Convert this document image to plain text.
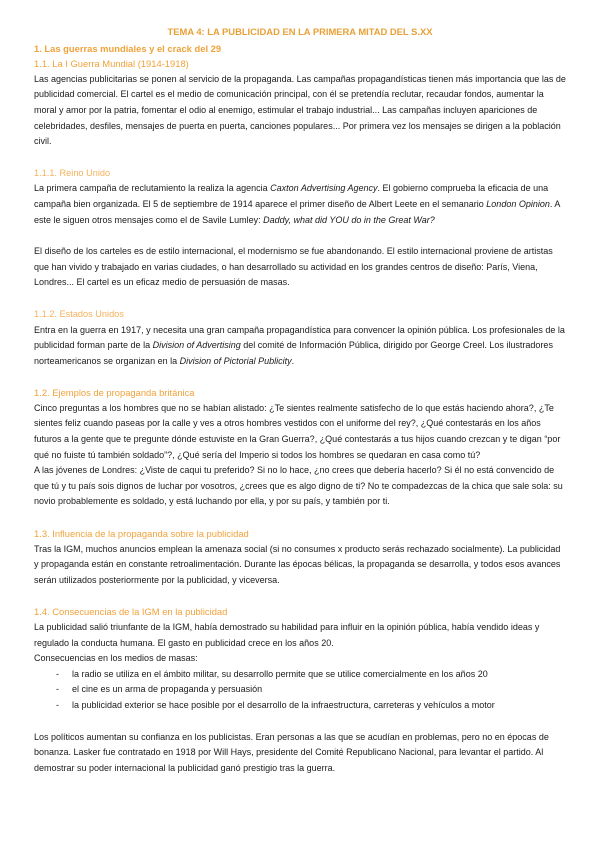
TEMA 4: LA PUBLICIDAD EN LA PRIMERA MITAD DEL S.XX
1. Las guerras mundiales y el crack del 29
1.1. La I Guerra Mundial (1914-1918)

Las agencias publicitarias se ponen al servicio de la propaganda. Las campañas propagandísticas tienen más importancia que las de publicidad comercial. El cartel es el medio de comunicación principal, con él se pretendía reclutar, recaudar fondos, aumentar la moral y amor por la patria, fomentar el odio al enemigo, estimular el trabajo industrial... Las campañas incluyen apariciones de celebridades, desfiles, mensajes de puerta en puerta, canciones populares... Por primera vez los mensajes se dirigen a la población civil.

1.1.1. Reino Unido

La primera campaña de reclutamiento la realiza la agencia Caxton Advertising Agency. El gobierno comprueba la eficacia de una campaña bien organizada. El 5 de septiembre de 1914 aparece el primer diseño de Albert Leete en el semanario London Opinion. A este le siguen otros mensajes como el de Savile Lumley: Daddy, what did YOU do in the Great War?

El diseño de los carteles es de estilo internacional, el modernismo se fue abandonando. El estilo internacional proviene de artistas que han vivido y trabajado en varias ciudades, o han desarrollado su actividad en los grandes centros de diseño: París, Viena, Londres... El cartel es un eficaz medio de persuasión de masas.

1.1.2. Estados Unidos

Entra en la guerra en 1917, y necesita una gran campaña propagandística para convencer la opinión pública. Los profesionales de la publicidad forman parte de la Division of Advertising del comité de Información Pública, dirigido por George Creel. Los ilustradores norteamericanos se organizan en la Division of Pictorial Publicity.

1.2. Ejemplos de propaganda británica

Cinco preguntas a los hombres que no se habían alistado: ¿Te sientes realmente satisfecho de lo que estás haciendo ahora?, ¿Te sientes feliz cuando paseas por la calle y ves a otros hombres vestidos con el uniforme del rey?, ¿Qué contestarás en los años futuros a la gente que te pregunte dónde estuviste en la Gran Guerra?, ¿Qué contestarás a tus hijos cuando crezcan y te digan “por qué no fuiste tú también soldado”?, ¿Qué sería del Imperio si todos los hombres se quedaran en casa como tú?

A las jóvenes de Londres: ¿Viste de caqui tu preferido? Si no lo hace, ¿no crees que debería hacerlo? Si él no está convencido de que tú y tu país sois dignos de luchar por vosotros, ¿crees que es algo digno de ti? No te compadezcas de la chica que sale sola: su novio probablemente es soldado, y está luchando por ella, y por su país, y también por ti.

1.3. Influencia de la propaganda sobre la publicidad

Tras la IGM, muchos anuncios emplean la amenaza social (si no consumes x producto serás rechazado socialmente). La publicidad y propaganda están en constante retroalimentación. Durante las épocas bélicas, la propaganda se desarrolla, y todos esos avances serán utilizados posteriormente por la publicidad, y viceversa.

1.4. Consecuencias de la IGM en la publicidad

La publicidad salió triunfante de la IGM, había demostrado su habilidad para influir en la opinión pública, había vendido ideas y regulado la conducta humana. El gasto en publicidad crece en los años 20.

Consecuencias en los medios de masas:

- la radio se utiliza en el ámbito militar, su desarrollo permite que se utilice comercialmente en los años 20
- el cine es un arma de propaganda y persuasión
- la publicidad exterior se hace posible por el desarrollo de la infraestructura, carreteras y vehículos a motor

Los políticos aumentan su confianza en los publicistas. Eran personas a las que se acudían en problemas, pero no en épocas de bonanza. Lasker fue contratado en 1918 por Will Hays, presidente del Comité Republicano Nacional, para levantar el partido. Al demostrar su poder internacional la publicidad ganó prestigio tras la guerra.
